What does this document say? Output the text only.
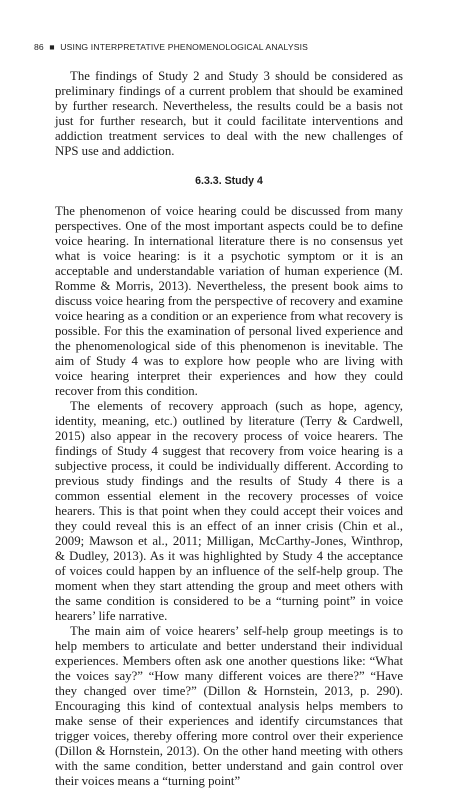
86 ■ USING INTERPRETATIVE PHENOMENOLOGICAL ANALYSIS

The findings of Study 2 and Study 3 should be considered as preliminary findings of a current problem that should be examined by further research. Nevertheless, the results could be a basis not just for further research, but it could facilitate interventions and addiction treatment services to deal with the new challenges of NPS use and addiction.

6.3.3. Study 4

The phenomenon of voice hearing could be discussed from many perspectives. One of the most important aspects could be to define voice hearing. In international literature there is no consensus yet what is voice hearing: is it a psychotic symptom or it is an acceptable and understandable variation of human experience (M. Romme & Morris, 2013). Nevertheless, the present book aims to discuss voice hearing from the perspective of recovery and examine voice hearing as a condition or an experience from what recovery is possible. For this the examination of personal lived experience and the phenomenological side of this phenomenon is inevitable. The aim of Study 4 was to explore how people who are living with voice hearing interpret their experiences and how they could recover from this condition.

The elements of recovery approach (such as hope, agency, identity, meaning, etc.) outlined by literature (Terry & Cardwell, 2015) also appear in the recovery process of voice hearers. The findings of Study 4 suggest that recovery from voice hearing is a subjective process, it could be individually different. According to previous study findings and the results of Study 4 there is a common essential element in the recovery processes of voice hearers. This is that point when they could accept their voices and they could reveal this is an effect of an inner crisis (Chin et al., 2009; Mawson et al., 2011; Milligan, McCarthy-Jones, Winthrop, & Dudley, 2013). As it was highlighted by Study 4 the acceptance of voices could happen by an influence of the self-help group. The moment when they start attending the group and meet others with the same condition is considered to be a “turning point” in voice hearers’ life narrative.

The main aim of voice hearers’ self-help group meetings is to help members to articulate and better understand their individual experiences. Members often ask one another questions like: “What the voices say?” “How many different voices are there?” “Have they changed over time?” (Dillon & Hornstein, 2013, p. 290). Encouraging this kind of contextual analysis helps members to make sense of their experiences and identify circumstances that trigger voices, thereby offering more control over their experience (Dillon & Hornstein, 2013). On the other hand meeting with others with the same condition, better understand and gain control over their voices means a “turning point”
